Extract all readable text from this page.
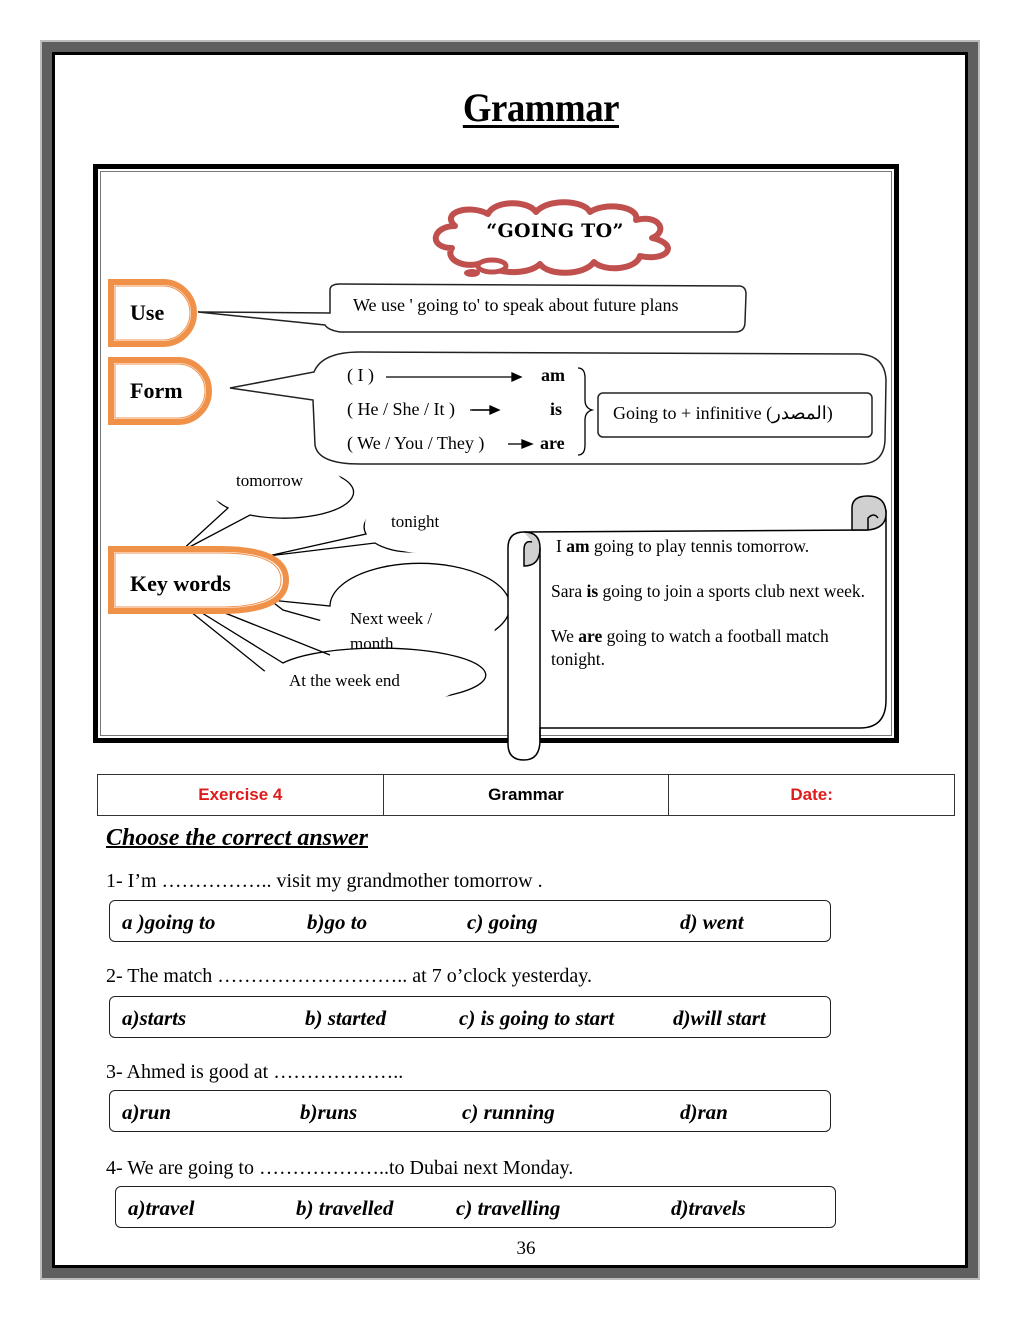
Grammar
“GOING TO”
Use	We use ' going to' to speak about future plans
Form
( I )	am
( He / She / It )	is
( We / You / They )	are
Going to + infinitive (المصدر)
Key words
tomorrow
tonight
Next week /
month
At the week end

I am going to play tennis tomorrow.

Sara is going to join a sports club next week.

We are going to watch a football match tonight.

Exercise 4	Grammar	Date:
Choose the correct answer
1- I’m …………….. visit my grandmother tomorrow .
a )going to	b)go to	c) going	d) went
2- The match ……………………….. at 7 o’clock yesterday.
a)starts	b) started	c) is going to start	d)will start
3- Ahmed is good at ………………..
a)run	b)runs	c) running	d)ran
4- We are going to ………………..to Dubai next Monday.
a)travel	b) travelled	c) travelling	d)travels
36
